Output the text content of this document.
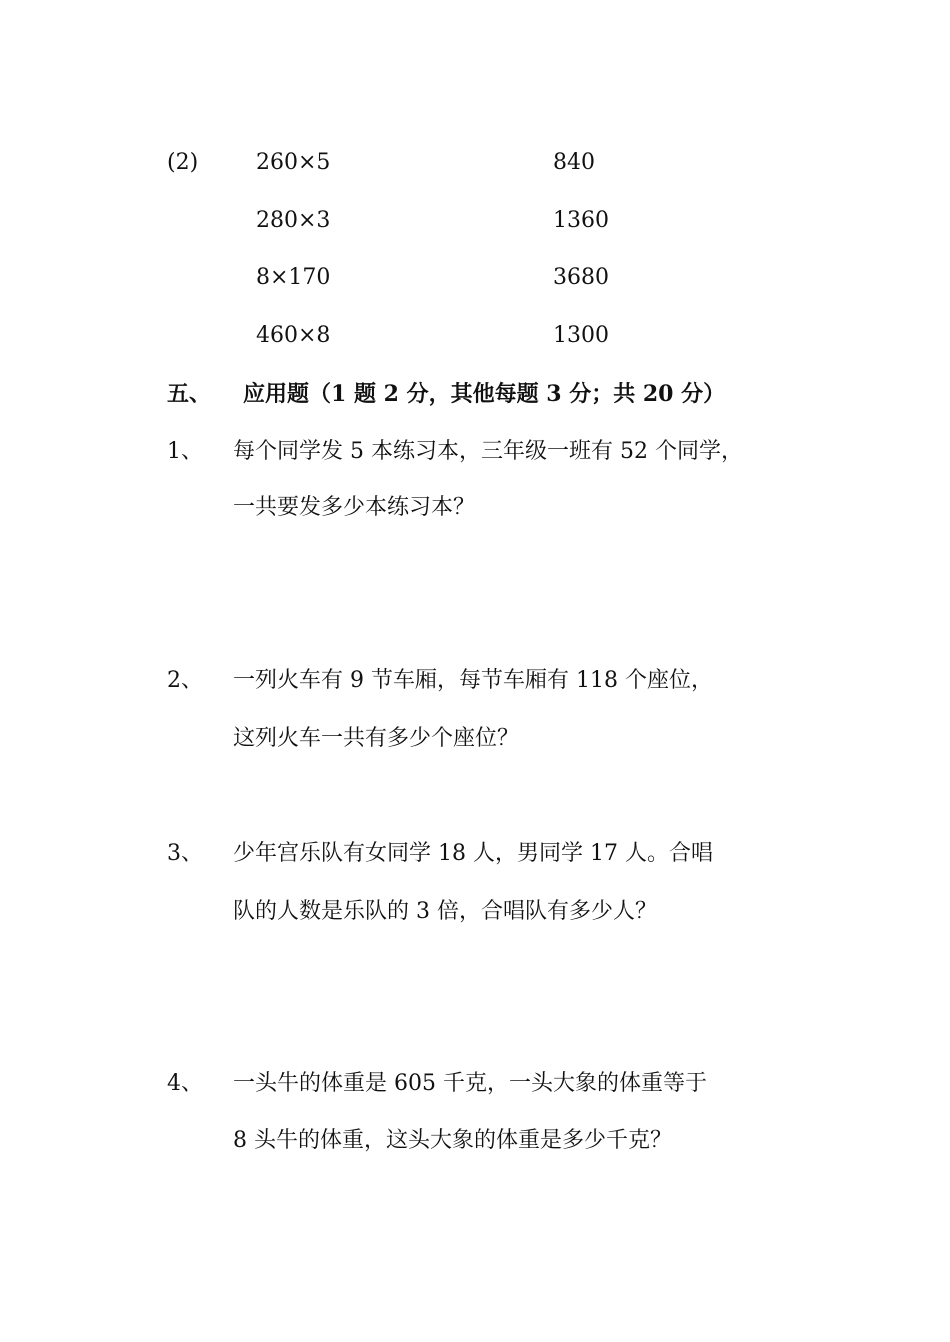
(2)	260×5
280×3
8×170
460×8
840
1360
3680
1300
五、 应用题（1 题 2 分，其他每题 3 分；共 20 分）
1、 每个同学发 5 本练习本，三年级一班有 52 个同学，
一共要发多少本练习本？
2、 一列火车有 9 节车厢，每节车厢有 118 个座位，
这列火车一共有多少个座位？
3、 少年宫乐队有女同学 18 人，男同学 17 人。合唱
队的人数是乐队的 3 倍，合唱队有多少人？
4、 一头牛的体重是 605 千克，一头大象的体重等于
8 头牛的体重，这头大象的体重是多少千克？
